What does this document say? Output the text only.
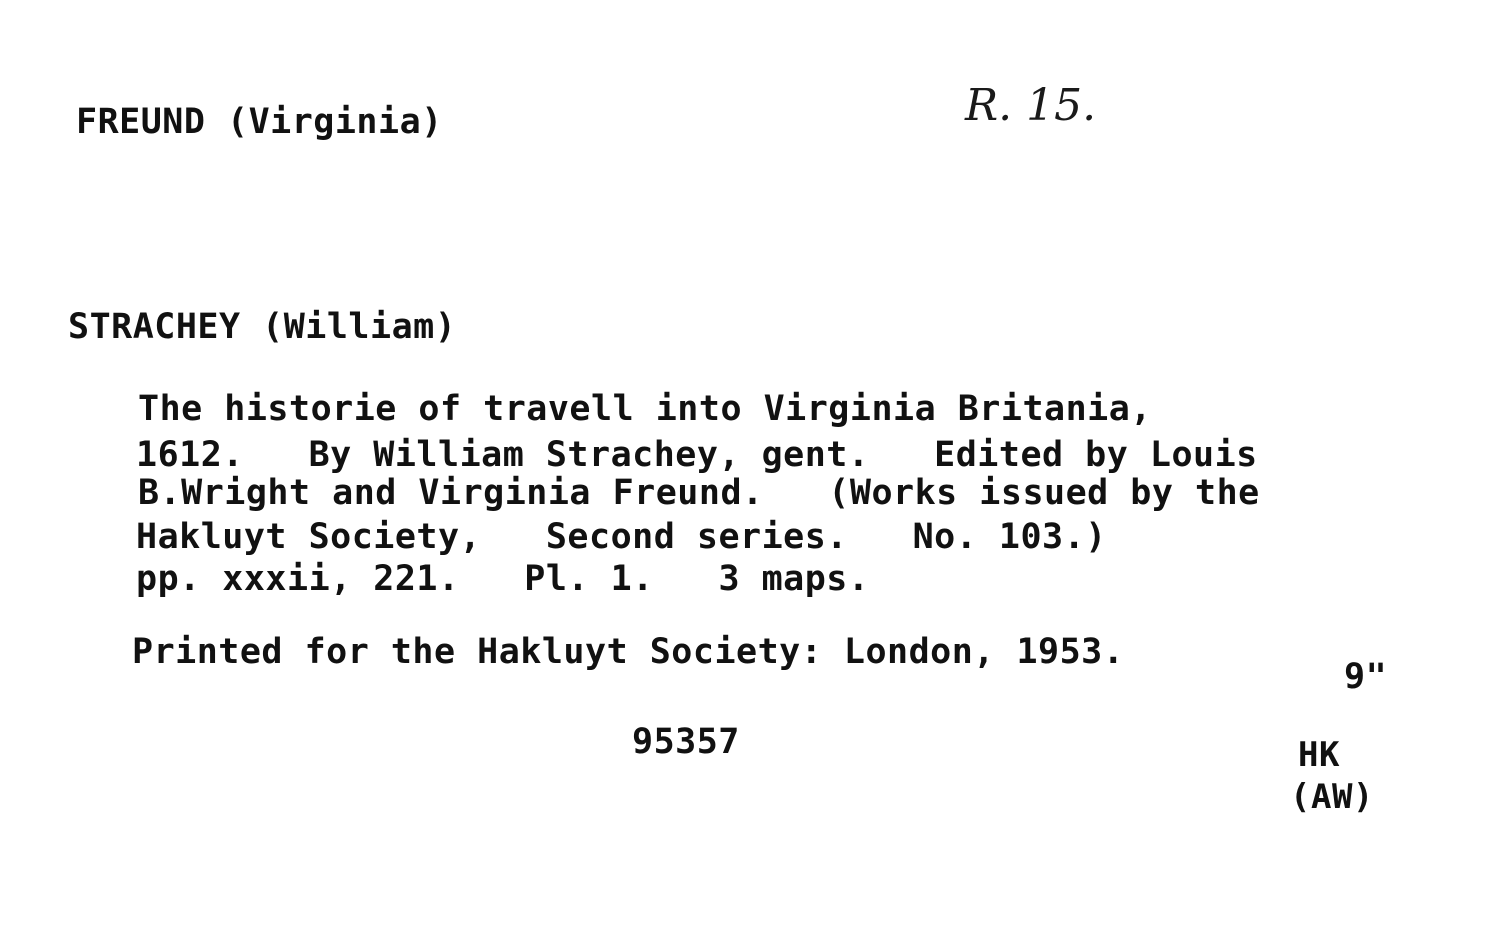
FREUND (Virginia)	R. 15.
STRACHEY (William)
The historie of travell into Virginia Britania,
1612.   By William Strachey, gent.   Edited by Louis
B.Wright and Virginia Freund.   (Works issued by the
Hakluyt Society,   Second series.   No. 103.)
pp. xxxii, 221.   Pl. 1.   3 maps.
Printed for the Hakluyt Society: London, 1953.
9"
95357	HK
(AW)
